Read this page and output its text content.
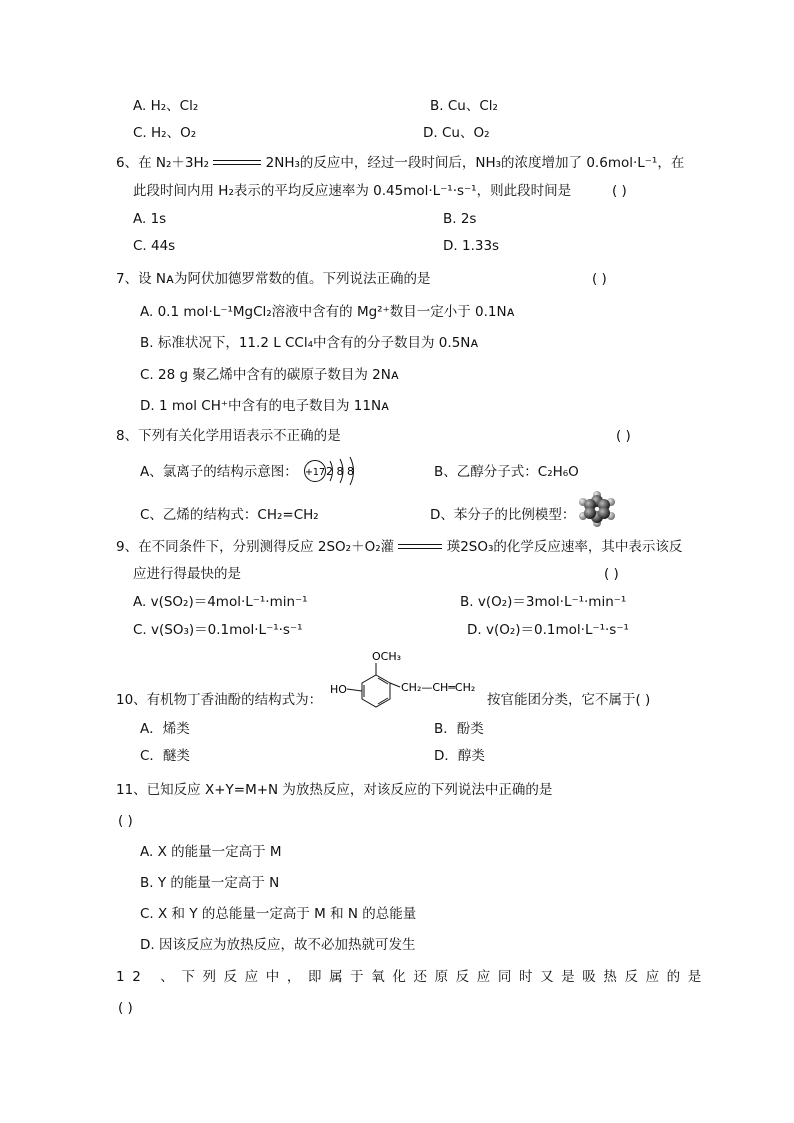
A. H₂、Cl₂	B. Cu、Cl₂
C. H₂、O₂	D. Cu、O₂
6、在 N₂＋3H₂	2NH₃的反应中，经过一段时间后，NH₃的浓度增加了 0.6mol·L⁻¹，在
此段时间内用 H₂表示的平均反应速率为 0.45mol·L⁻¹·s⁻¹，则此段时间是	( )
A. 1s	B. 2s
C. 44s	D. 1.33s
7、设 Nᴀ为阿伏加德罗常数的值。下列说法正确的是	( )
A. 0.1 mol·L⁻¹MgCl₂溶液中含有的 Mg²⁺数目一定小于 0.1Nᴀ
B. 标准状况下，11.2 L CCl₄中含有的分子数目为 0.5Nᴀ
C. 28 g 聚乙烯中含有的碳原子数目为 2Nᴀ
D. 1 mol CH⁺中含有的电子数目为 11Nᴀ
8、下列有关化学用语表示不正确的是	( )
A、氯离子的结构示意图： +17 2 8 8	B、乙醇分子式：C₂H₆O
C、乙烯的结构式：CH₂=CH₂	D、苯分子的比例模型：
9、在不同条件下，分别测得反应 2SO₂＋O₂灌	瑛2SO₃的化学反应速率，其中表示该反
应进行得最快的是	( )
A. v(SO₂)＝4mol·L⁻¹·min⁻¹	B. v(O₂)＝3mol·L⁻¹·min⁻¹
C. v(SO₃)＝0.1mol·L⁻¹·s⁻¹	D. v(O₂)＝0.1mol·L⁻¹·s⁻¹
10、有机物丁香油酚的结构式为：
OCH₃
HO	CH₂—CH═CH₂
按官能团分类，它不属于( )
A．烯类	B．酚类
C．醚类	D．醇类
11、已知反应 X+Y=M+N 为放热反应，对该反应的下列说法中正确的是
( )
A. X 的能量一定高于 M
B. Y 的能量一定高于 N
C. X 和 Y 的总能量一定高于 M 和 N 的总能量
D. 因该反应为放热反应，故不必加热就可发生
12 、下列反应中，即属于氧化还原反应同时又是吸热反应的是
( )
